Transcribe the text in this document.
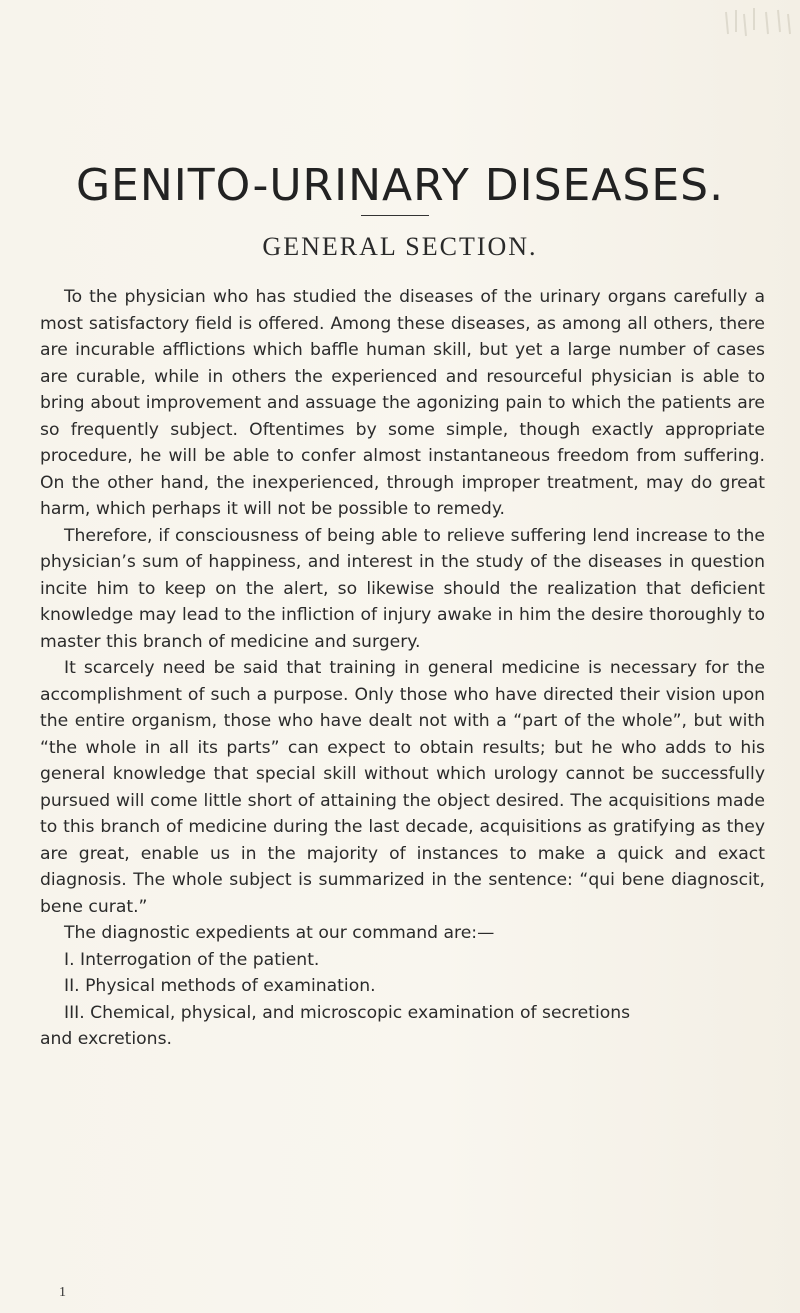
GENITO-URINARY DISEASES.
GENERAL SECTION.

To the physician who has studied the diseases of the urinary organs carefully a most satisfactory field is offered. Among these diseases, as among all others, there are incurable afflictions which baffle human skill, but yet a large number of cases are curable, while in others the experienced and resourceful physician is able to bring about improvement and assuage the agonizing pain to which the patients are so frequently subject. Oftentimes by some simple, though exactly appropriate procedure, he will be able to confer almost instantaneous freedom from suffering. On the other hand, the inexperienced, through improper treatment, may do great harm, which perhaps it will not be possible to remedy.

Therefore, if consciousness of being able to relieve suffering lend increase to the physician’s sum of happiness, and interest in the study of the diseases in question incite him to keep on the alert, so likewise should the realization that deficient knowledge may lead to the infliction of injury awake in him the desire thoroughly to master this branch of medicine and surgery.

It scarcely need be said that training in general medicine is necessary for the accomplishment of such a purpose. Only those who have directed their vision upon the entire organism, those who have dealt not with a “part of the whole”, but with “the whole in all its parts” can expect to obtain results; but he who adds to his general knowledge that special skill without which urology cannot be successfully pursued will come little short of attaining the object desired. The acquisitions made to this branch of medicine during the last decade, acquisitions as gratifying as they are great, enable us in the majority of instances to make a quick and exact diagnosis. The whole subject is summarized in the sentence: “qui bene diagnoscit, bene curat.”

The diagnostic expedients at our command are:—

I. Interrogation of the patient.

II. Physical methods of examination.

III. Chemical, physical, and microscopic examination of secretions
and excretions.

1
